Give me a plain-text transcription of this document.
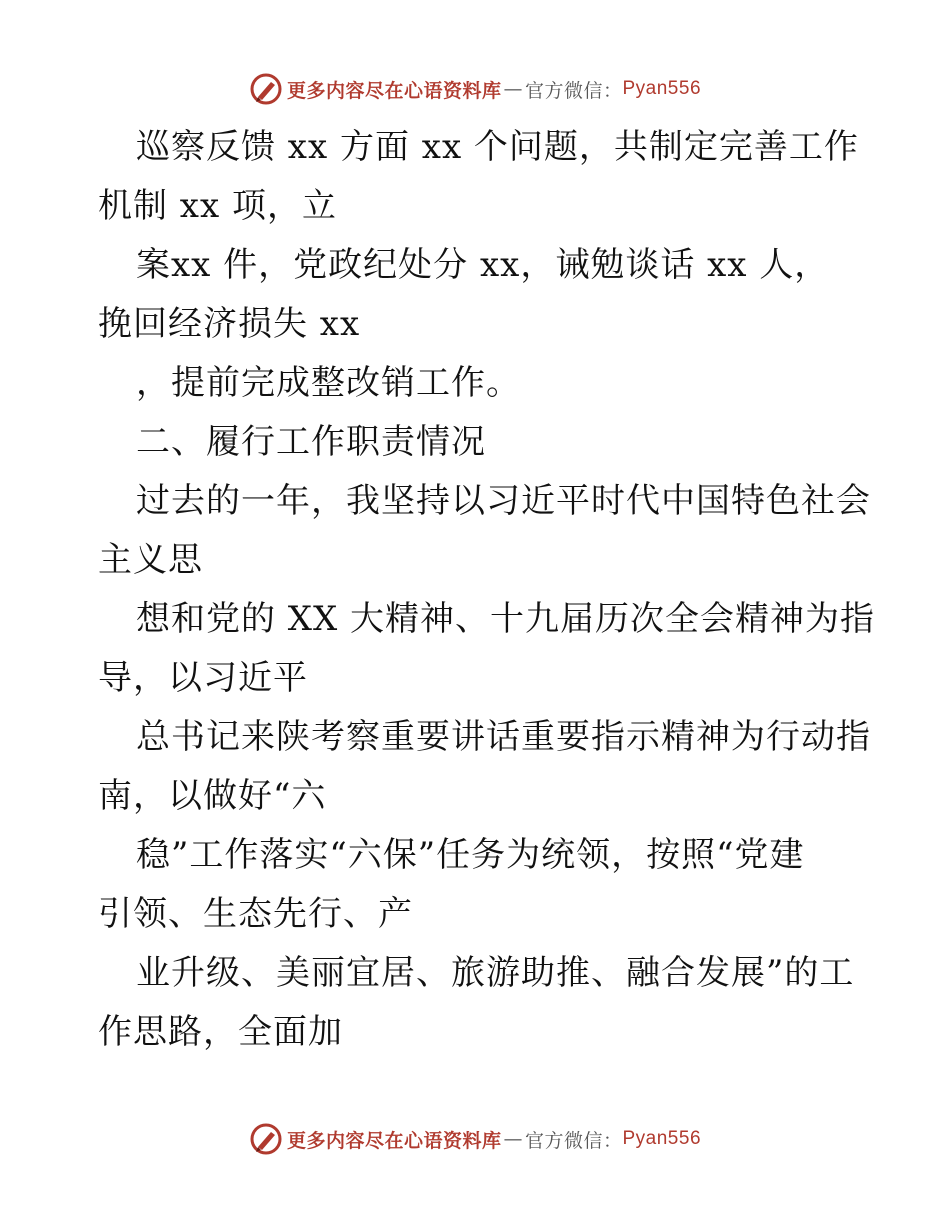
更多内容尽在心语资料库 — 官方微信： Pyan556
巡察反馈 xx 方面 xx 个问题，共制定完善工作
机制 xx 项，立
案xx 件，党政纪处分 xx，诫勉谈话 xx 人，
挽回经济损失 xx
，提前完成整改销工作。
二、履行工作职责情况
过去的一年，我坚持以习近平时代中国特色社会
主义思
想和党的 XX 大精神、十九届历次全会精神为指
导，以习近平
总书记来陕考察重要讲话重要指示精神为行动指
南，以做好“六
稳”工作落实“六保”任务为统领，按照“党建
引领、生态先行、产
业升级、美丽宜居、旅游助推、融合发展”的工
作思路，全面加
更多内容尽在心语资料库 — 官方微信： Pyan556
